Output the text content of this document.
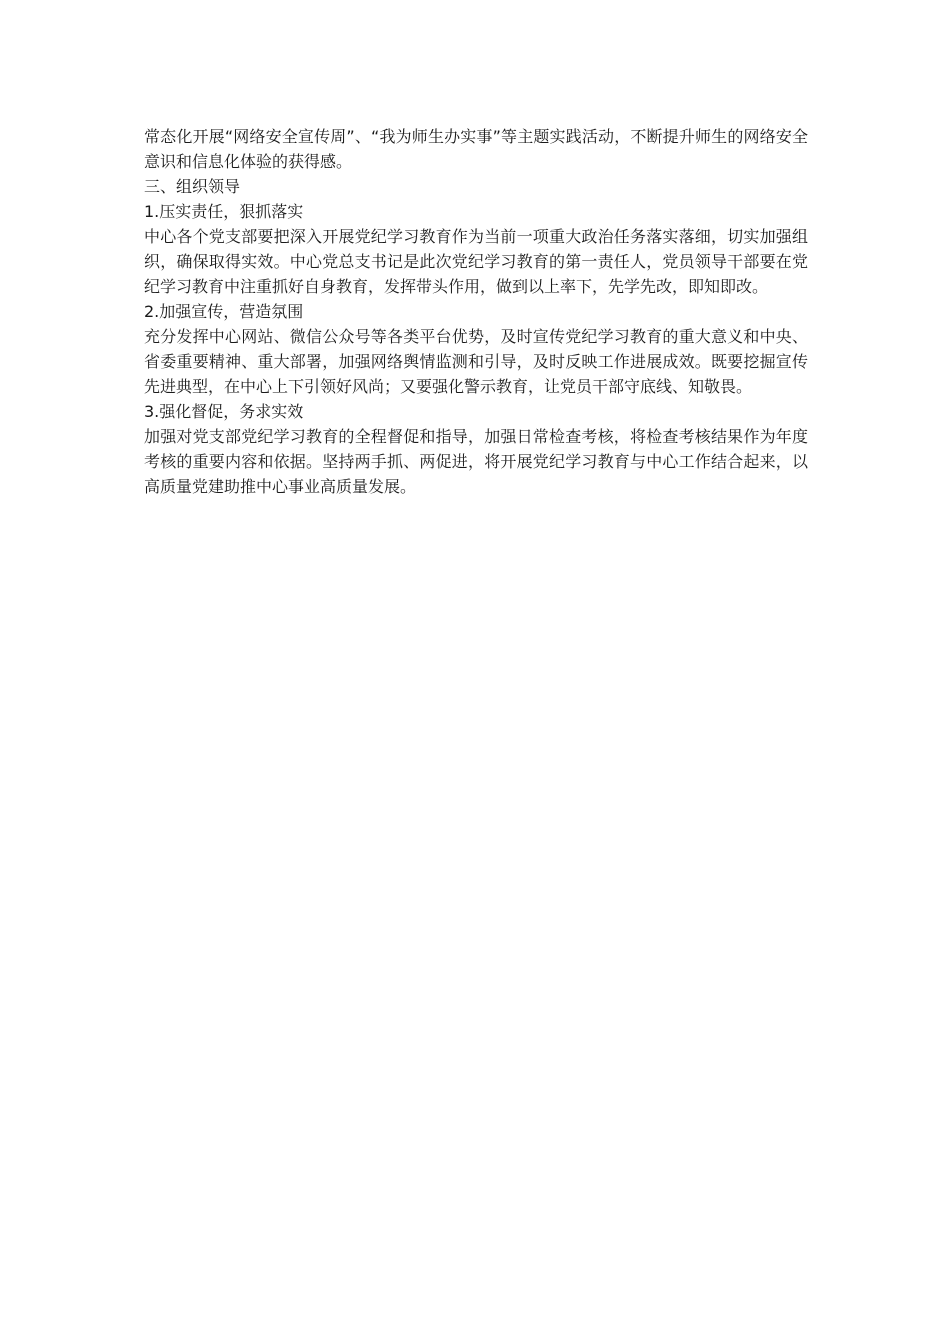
常态化开展“网络安全宣传周”、“我为师生办实事”等主题实践活动，不断提升师生的网络安全意识和信息化体验的获得感。

三、组织领导

1.压实责任，狠抓落实

中心各个党支部要把深入开展党纪学习教育作为当前一项重大政治任务落实落细，切实加强组织，确保取得实效。中心党总支书记是此次党纪学习教育的第一责任人，党员领导干部要在党纪学习教育中注重抓好自身教育，发挥带头作用，做到以上率下，先学先改，即知即改。

2.加强宣传，营造氛围

充分发挥中心网站、微信公众号等各类平台优势，及时宣传党纪学习教育的重大意义和中央、省委重要精神、重大部署，加强网络舆情监测和引导，及时反映工作进展成效。既要挖掘宣传先进典型，在中心上下引领好风尚；又要强化警示教育，让党员干部守底线、知敬畏。

3.强化督促，务求实效

加强对党支部党纪学习教育的全程督促和指导，加强日常检查考核，将检查考核结果作为年度考核的重要内容和依据。坚持两手抓、两促进，将开展党纪学习教育与中心工作结合起来，以高质量党建助推中心事业高质量发展。
